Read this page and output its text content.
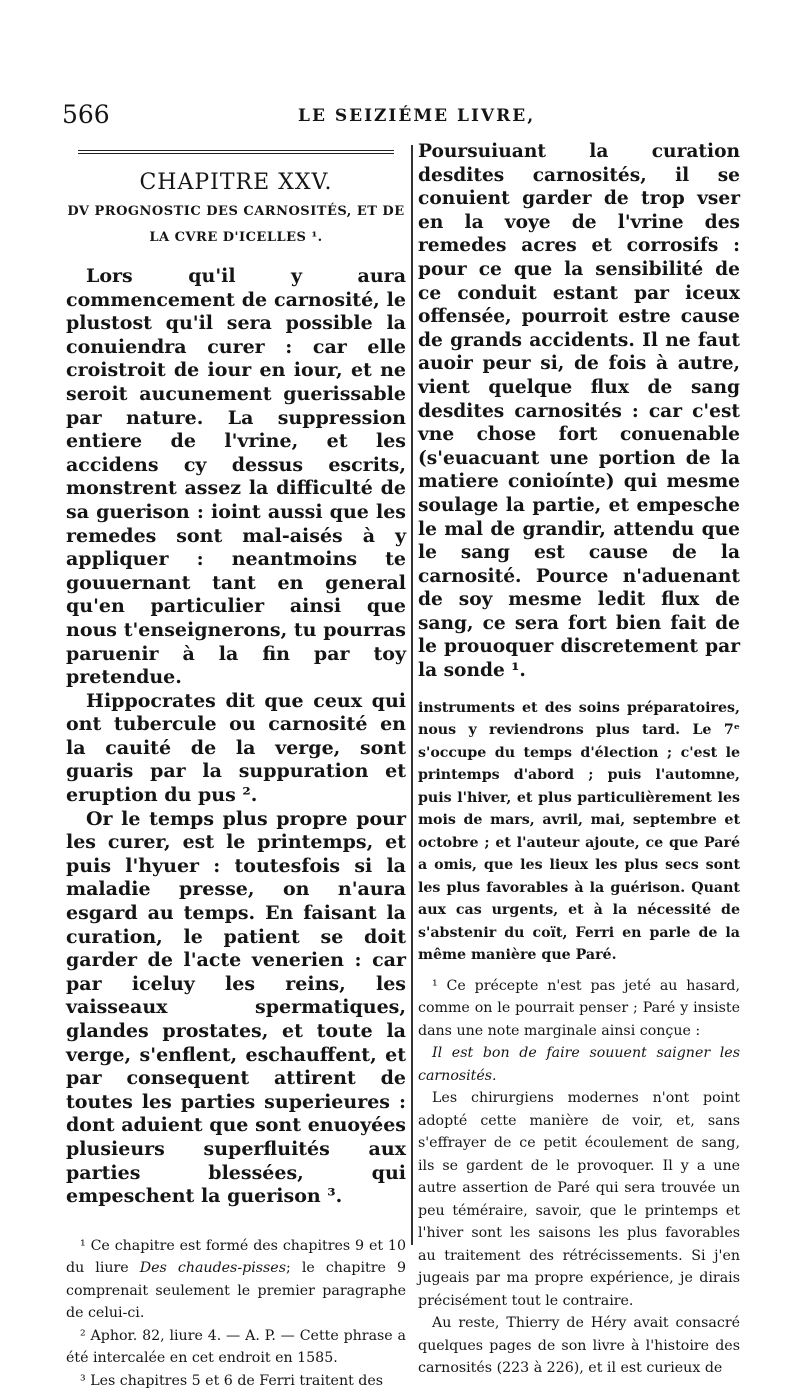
566	LE SEIZIÉME LIVRE,
CHAPITRE XXV.
DV PROGNOSTIC DES CARNOSITÉS, ET DE
LA CVRE D'ICELLES ¹.

Lors qu'il y aura commencement de carnosité, le plustost qu'il sera possible la conuiendra curer : car elle croistroit de iour en iour, et ne seroit aucunement guerissable par nature. La suppression entiere de l'vrine, et les accidens cy dessus escrits, monstrent assez la difficulté de sa guerison : ioint aussi que les remedes sont mal-aisés à y appliquer : neantmoins te gouuernant tant en general qu'en particulier ainsi que nous t'enseignerons, tu pourras paruenir à la fin par toy pretendue.

Hippocrates dit que ceux qui ont tubercule ou carnosité en la cauité de la verge, sont guaris par la suppuration et eruption du pus ².

Or le temps plus propre pour les curer, est le printemps, et puis l'hyuer : toutesfois si la maladie presse, on n'aura esgard au temps. En faisant la curation, le patient se doit garder de l'acte venerien : car par iceluy les reins, les vaisseaux spermatiques, glandes prostates, et toute la verge, s'enflent, eschauffent, et par consequent attirent de toutes les parties superieures : dont aduient que sont enuoyées plusieurs superfluités aux parties blessées, qui empeschent la guerison ³.

¹ Ce chapitre est formé des chapitres 9 et 10 du liure Des chaudes-pisses; le chapitre 9 comprenait seulement le premier paragraphe de celui-ci.

² Aphor. 82, liure 4. — A. P. — Cette phrase a été intercalée en cet endroit en 1585.

³ Les chapitres 5 et 6 de Ferri traitent des

Poursuiuant la curation desdites carnosités, il se conuient garder de trop vser en la voye de l'vrine des remedes acres et corrosifs : pour ce que la sensibilité de ce conduit estant par iceux offensée, pourroit estre cause de grands accidents. Il ne faut auoir peur si, de fois à autre, vient quelque flux de sang desdites carnosités : car c'est vne chose fort conuenable (s'euacuant une portion de la matiere conioínte) qui mesme soulage la partie, et empesche le mal de grandir, attendu que le sang est cause de la carnosité. Pource n'aduenant de soy mesme ledit flux de sang, ce sera fort bien fait de le prouoquer discretement par la sonde ¹.

instruments et des soins préparatoires, nous y reviendrons plus tard. Le 7ᵉ s'occupe du temps d'élection ; c'est le printemps d'abord ; puis l'automne, puis l'hiver, et plus particulièrement les mois de mars, avril, mai, septembre et octobre ; et l'auteur ajoute, ce que Paré a omis, que les lieux les plus secs sont les plus favorables à la guérison. Quant aux cas urgents, et à la nécessité de s'abstenir du coït, Ferri en parle de la même manière que Paré.

¹ Ce précepte n'est pas jeté au hasard, comme on le pourrait penser ; Paré y insiste dans une note marginale ainsi conçue :

Il est bon de faire souuent saigner les carnosités.

Les chirurgiens modernes n'ont point adopté cette manière de voir, et, sans s'effrayer de ce petit écoulement de sang, ils se gardent de le provoquer. Il y a une autre assertion de Paré qui sera trouvée un peu téméraire, savoir, que le printemps et l'hiver sont les saisons les plus favorables au traitement des rétrécissements. Si j'en jugeais par ma propre expérience, je dirais précisément tout le contraire.

Au reste, Thierry de Héry avait consacré quelques pages de son livre à l'histoire des carnosités (223 à 226), et il est curieux de
